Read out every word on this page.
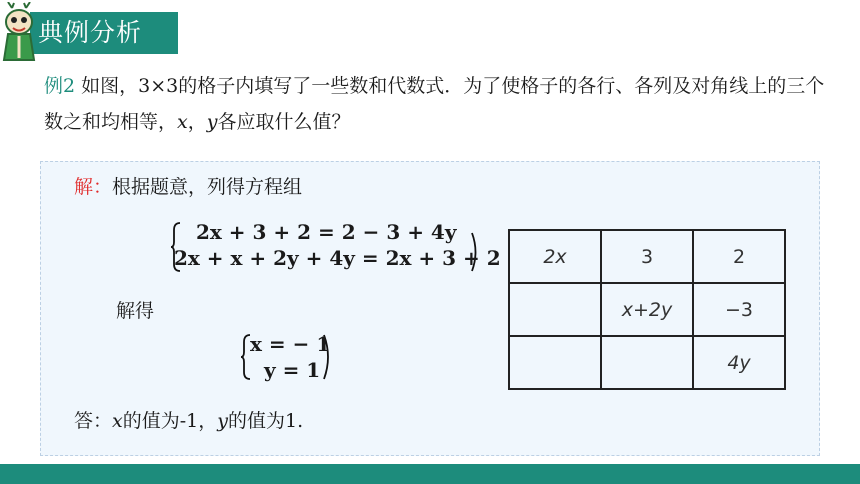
典例分析
例2 如图，3×3的格子内填写了一些数和代数式．为了使格子的各行、各列及对角线上的三个数之和均相等，x，y各应取什么值？
解：根据题意，列得方程组
2x + 3 + 2 = 2 − 3 + 4y
2x + x + 2y + 4y = 2x + 3 + 2
解得
x = − 1
y = 1
答：x的值为-1，y的值为1.
2x	3	2
	x+2y	−3
		4y
